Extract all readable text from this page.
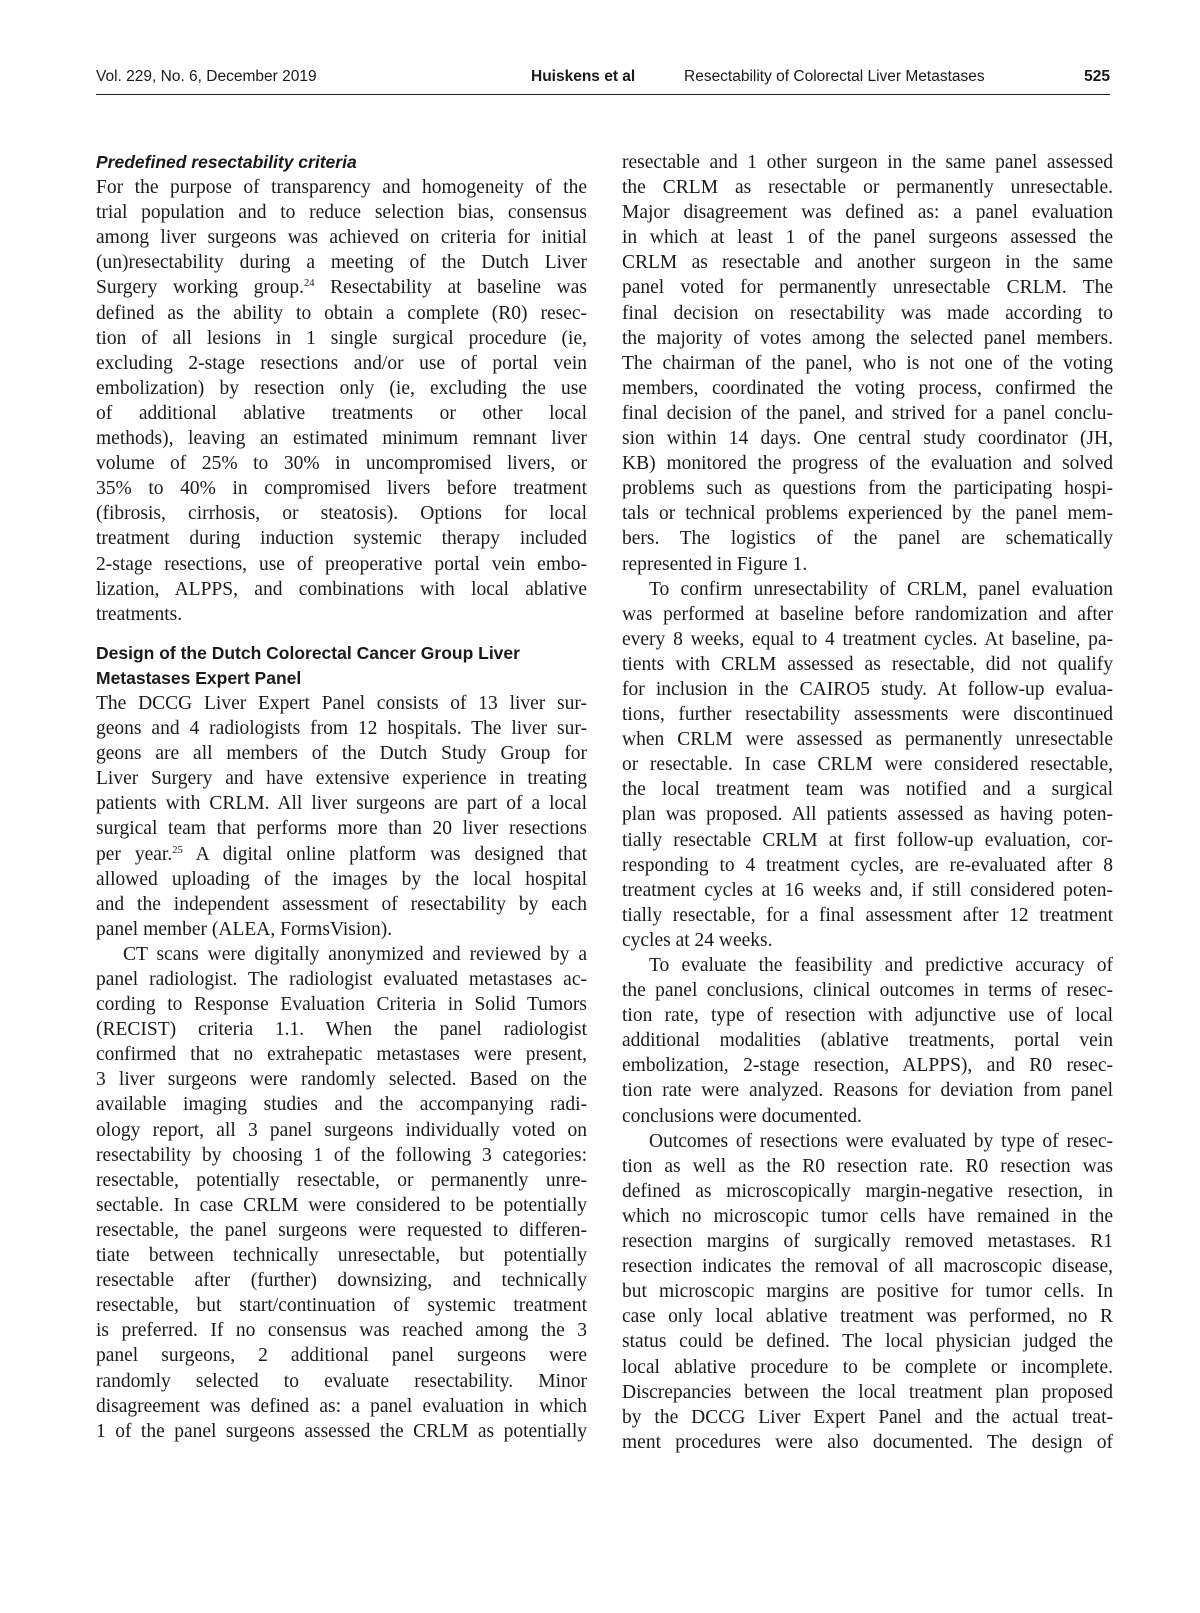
Vol. 229, No. 6, December 2019	Huiskens et al	Resectability of Colorectal Liver Metastases	525
Predefined resectability criteria
For the purpose of transparency and homogeneity of the
trial population and to reduce selection bias, consensus
among liver surgeons was achieved on criteria for initial
(un)resectability during a meeting of the Dutch Liver
Surgery working group.$^{24}$ Resectability at baseline was
defined as the ability to obtain a complete (R0) resec-
tion of all lesions in 1 single surgical procedure (ie,
excluding 2-stage resections and/or use of portal vein
embolization) by resection only (ie, excluding the use
of additional ablative treatments or other local
methods), leaving an estimated minimum remnant liver
volume of 25% to 30% in uncompromised livers, or
35% to 40% in compromised livers before treatment
(fibrosis, cirrhosis, or steatosis). Options for local
treatment during induction systemic therapy included
2-stage resections, use of preoperative portal vein embo-
lization, ALPPS, and combinations with local ablative
treatments.
Design of the Dutch Colorectal Cancer Group Liver
Metastases Expert Panel
The DCCG Liver Expert Panel consists of 13 liver sur-
geons and 4 radiologists from 12 hospitals. The liver sur-
geons are all members of the Dutch Study Group for
Liver Surgery and have extensive experience in treating
patients with CRLM. All liver surgeons are part of a local
surgical team that performs more than 20 liver resections
per year.$^{25}$ A digital online platform was designed that
allowed uploading of the images by the local hospital
and the independent assessment of resectability by each
panel member (ALEA, FormsVision).
CT scans were digitally anonymized and reviewed by a
panel radiologist. The radiologist evaluated metastases ac-
cording to Response Evaluation Criteria in Solid Tumors
(RECIST) criteria 1.1. When the panel radiologist
confirmed that no extrahepatic metastases were present,
3 liver surgeons were randomly selected. Based on the
available imaging studies and the accompanying radi-
ology report, all 3 panel surgeons individually voted on
resectability by choosing 1 of the following 3 categories:
resectable, potentially resectable, or permanently unre-
sectable. In case CRLM were considered to be potentially
resectable, the panel surgeons were requested to differen-
tiate between technically unresectable, but potentially
resectable after (further) downsizing, and technically
resectable, but start/continuation of systemic treatment
is preferred. If no consensus was reached among the 3
panel surgeons, 2 additional panel surgeons were
randomly selected to evaluate resectability. Minor
disagreement was defined as: a panel evaluation in which
1 of the panel surgeons assessed the CRLM as potentially
resectable and 1 other surgeon in the same panel assessed
the CRLM as resectable or permanently unresectable.
Major disagreement was defined as: a panel evaluation
in which at least 1 of the panel surgeons assessed the
CRLM as resectable and another surgeon in the same
panel voted for permanently unresectable CRLM. The
final decision on resectability was made according to
the majority of votes among the selected panel members.
The chairman of the panel, who is not one of the voting
members, coordinated the voting process, confirmed the
final decision of the panel, and strived for a panel conclu-
sion within 14 days. One central study coordinator (JH,
KB) monitored the progress of the evaluation and solved
problems such as questions from the participating hospi-
tals or technical problems experienced by the panel mem-
bers. The logistics of the panel are schematically
represented in Figure 1.
To confirm unresectability of CRLM, panel evaluation
was performed at baseline before randomization and after
every 8 weeks, equal to 4 treatment cycles. At baseline, pa-
tients with CRLM assessed as resectable, did not qualify
for inclusion in the CAIRO5 study. At follow-up evalua-
tions, further resectability assessments were discontinued
when CRLM were assessed as permanently unresectable
or resectable. In case CRLM were considered resectable,
the local treatment team was notified and a surgical
plan was proposed. All patients assessed as having poten-
tially resectable CRLM at first follow-up evaluation, cor-
responding to 4 treatment cycles, are re-evaluated after 8
treatment cycles at 16 weeks and, if still considered poten-
tially resectable, for a final assessment after 12 treatment
cycles at 24 weeks.
To evaluate the feasibility and predictive accuracy of
the panel conclusions, clinical outcomes in terms of resec-
tion rate, type of resection with adjunctive use of local
additional modalities (ablative treatments, portal vein
embolization, 2-stage resection, ALPPS), and R0 resec-
tion rate were analyzed. Reasons for deviation from panel
conclusions were documented.
Outcomes of resections were evaluated by type of resec-
tion as well as the R0 resection rate. R0 resection was
defined as microscopically margin-negative resection, in
which no microscopic tumor cells have remained in the
resection margins of surgically removed metastases. R1
resection indicates the removal of all macroscopic disease,
but microscopic margins are positive for tumor cells. In
case only local ablative treatment was performed, no R
status could be defined. The local physician judged the
local ablative procedure to be complete or incomplete.
Discrepancies between the local treatment plan proposed
by the DCCG Liver Expert Panel and the actual treat-
ment procedures were also documented. The design of
